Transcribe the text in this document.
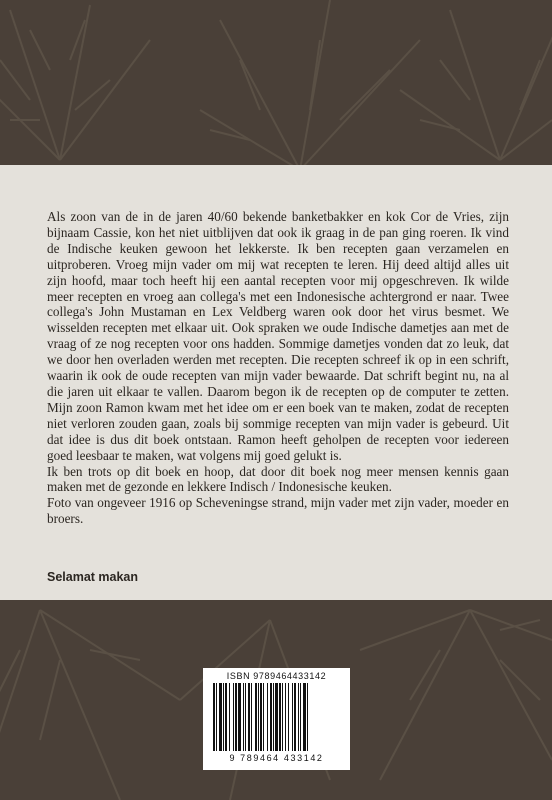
Als zoon van de in de jaren 40/60 bekende banketbakker en kok Cor de Vries, zijn bijnaam Cassie, kon het niet uitblijven dat ook ik graag in de pan ging roeren. Ik vind de Indische keuken gewoon het lekkerste. Ik ben recepten gaan verzamelen en uitproberen. Vroeg mijn vader om mij wat recepten te leren. Hij deed altijd alles uit zijn hoofd, maar toch heeft hij een aantal recepten voor mij opgeschreven. Ik wilde meer recepten en vroeg aan collega's met een Indonesische achtergrond er naar. Twee collega's John Mustaman en Lex Veldberg waren ook door het virus besmet. We wisselden recepten met elkaar uit. Ook spraken we oude Indische dametjes aan met de vraag of ze nog recepten voor ons hadden. Sommige dametjes vonden dat zo leuk, dat we door hen overladen werden met recepten. Die recepten schreef ik op in een schrift, waarin ik ook de oude recepten van mijn vader bewaarde. Dat schrift begint nu, na al die jaren uit elkaar te vallen. Daarom begon ik de recepten op de computer te zetten. Mijn zoon Ramon kwam met het idee om er een boek van te maken, zodat de recepten niet verloren zouden gaan, zoals bij sommige recepten van mijn vader is gebeurd. Uit dat idee is dus dit boek ontstaan. Ramon heeft geholpen de recepten voor iedereen goed leesbaar te maken, wat volgens mij goed gelukt is.

Ik ben trots op dit boek en hoop, dat door dit boek nog meer mensen kennis gaan maken met de gezonde en lekkere Indisch / Indonesische keuken.

Foto van ongeveer 1916 op Scheveningse strand, mijn vader met zijn vader, moeder en broers.

Selamat makan

ISBN 9789464433142
9 789464 433142
